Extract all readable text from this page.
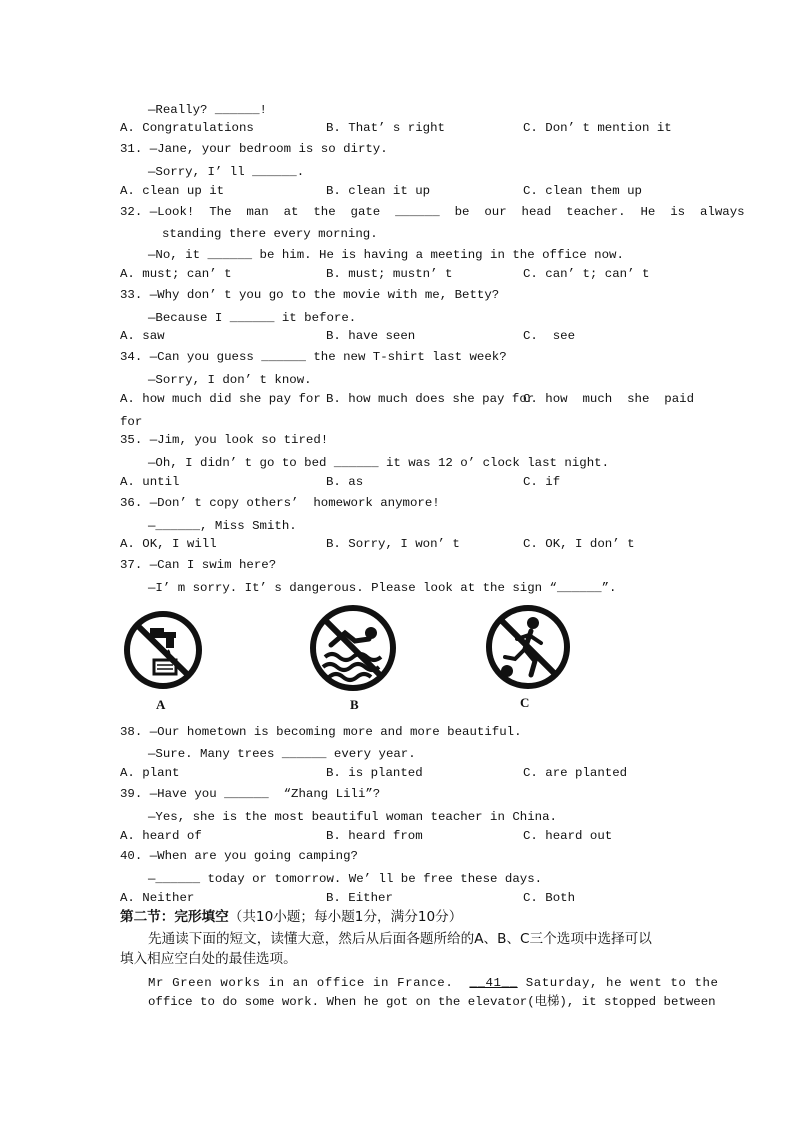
—Really? ______!
A. Congratulations	B. That’ s right	C. Don’ t mention it
31. —Jane, your bedroom is so dirty.
—Sorry, I’ ll ______.
A. clean up it	B. clean it up	C. clean them up
32. —Look!  The  man  at  the  gate  ______  be  our  head  teacher.  He  is  always
standing there every morning.
—No, it ______ be him. He is having a meeting in the office now.
A. must; can’ t	B. must; mustn’ t	C. can’ t; can’ t
33. —Why don’ t you go to the movie with me, Betty?
—Because I ______ it before.
A. saw	B. have seen	C.  see
34. —Can you guess ______ the new T-shirt last week?
—Sorry, I don’ t know.
A. how much did she pay for B. how much does she pay for
C. how  much  she  paid
for
35. —Jim, you look so tired!
—Oh, I didn’ t go to bed ______ it was 12 o’ clock last night.
A. until	B. as	C. if
36. —Don’ t copy others’  homework anymore!
—______, Miss Smith.
A. OK, I will	B. Sorry, I won’ t	C. OK, I don’ t
37. —Can I swim here?
—I’ m sorry. It’ s dangerous. Please look at the sign “______”.
38. —Our hometown is becoming more and more beautiful.
—Sure. Many trees ______ every year.
A. plant	B. is planted	C. are planted
39. —Have you ______  “Zhang Lili”?
—Yes, she is the most beautiful woman teacher in China.
A. heard of	B. heard from	C. heard out
40. —When are you going camping?
—______ today or tomorrow. We’ ll be free these days.
A. Neither	B. Either	C. Both
office to do some work. When he got on the elevator(电梯), it stopped between
A	B	C
第二节：完形填空（共10小题；每小题1分，满分10分）
先通读下面的短文，读懂大意，然后从后面各题所给的A、B、C三个选项中选择可以
填入相应空白处的最佳选项。
Mr Green works in an office in France.  __41__ Saturday, he went to the
